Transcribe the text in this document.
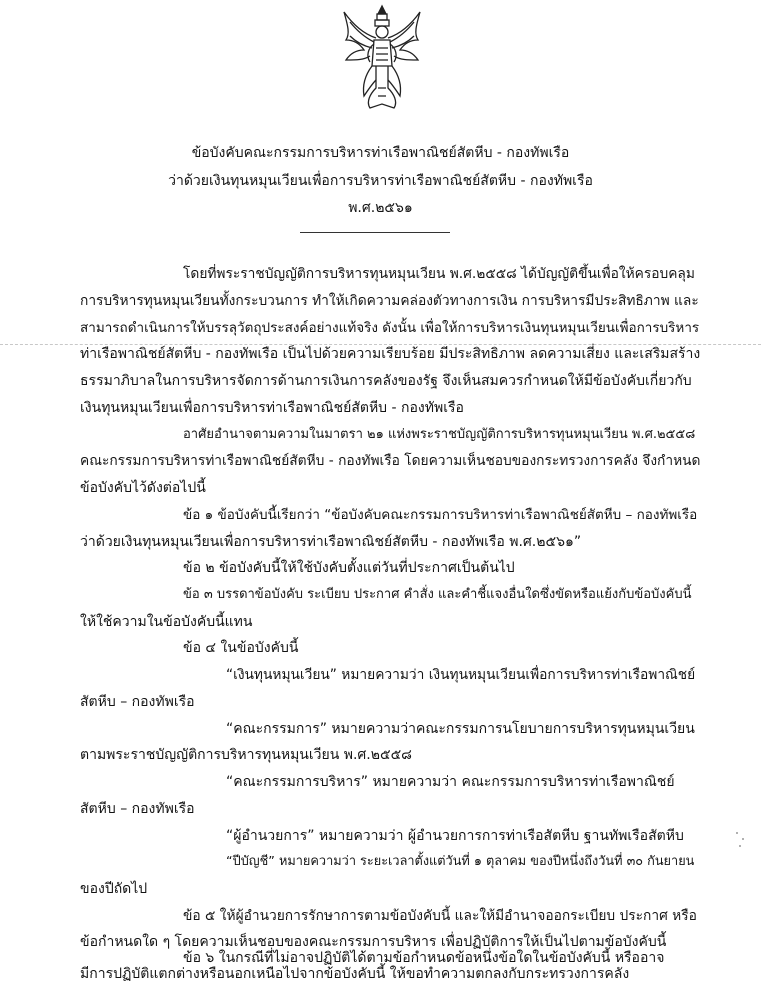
ข้อบังคับคณะกรรมการบริหารท่าเรือพาณิชย์สัตหีบ - กองทัพเรือ
ว่าด้วยเงินทุนหมุนเวียนเพื่อการบริหารท่าเรือพาณิชย์สัตหีบ - กองทัพเรือ
พ.ศ.๒๕๖๑
โดยที่พระราชบัญญัติการบริหารทุนหมุนเวียน พ.ศ.๒๕๕๘ ได้บัญญัติขึ้นเพื่อให้ครอบคลุม
การบริหารทุนหมุนเวียนทั้งกระบวนการ ทำให้เกิดความคล่องตัวทางการเงิน การบริหารมีประสิทธิภาพ และ
สามารถดำเนินการให้บรรลุวัตถุประสงค์อย่างแท้จริง ดังนั้น เพื่อให้การบริหารเงินทุนหมุนเวียนเพื่อการบริหาร
ท่าเรือพาณิชย์สัตหีบ - กองทัพเรือ เป็นไปด้วยความเรียบร้อย มีประสิทธิภาพ ลดความเสี่ยง และเสริมสร้าง
ธรรมาภิบาลในการบริหารจัดการด้านการเงินการคลังของรัฐ จึงเห็นสมควรกำหนดให้มีข้อบังคับเกี่ยวกับ
เงินทุนหมุนเวียนเพื่อการบริหารท่าเรือพาณิชย์สัตหีบ - กองทัพเรือ
อาศัยอำนาจตามความในมาตรา ๒๑ แห่งพระราชบัญญัติการบริหารทุนหมุนเวียน พ.ศ.๒๕๕๘
คณะกรรมการบริหารท่าเรือพาณิชย์สัตหีบ - กองทัพเรือ โดยความเห็นชอบของกระทรวงการคลัง จึงกำหนด
ข้อบังคับไว้ดังต่อไปนี้
ข้อ ๑ ข้อบังคับนี้เรียกว่า “ข้อบังคับคณะกรรมการบริหารท่าเรือพาณิชย์สัตหีบ – กองทัพเรือ
ว่าด้วยเงินทุนหมุนเวียนเพื่อการบริหารท่าเรือพาณิชย์สัตหีบ - กองทัพเรือ พ.ศ.๒๕๖๑”
ข้อ ๒ ข้อบังคับนี้ให้ใช้บังคับตั้งแต่วันที่ประกาศเป็นต้นไป
ข้อ ๓ บรรดาข้อบังคับ ระเบียบ ประกาศ คำสั่ง และคำชี้แจงอื่นใดซึ่งขัดหรือแย้งกับข้อบังคับนี้
ให้ใช้ความในข้อบังคับนี้แทน
ข้อ ๔ ในข้อบังคับนี้
“เงินทุนหมุนเวียน” หมายความว่า เงินทุนหมุนเวียนเพื่อการบริหารท่าเรือพาณิชย์
สัตหีบ – กองทัพเรือ
“คณะกรรมการ” หมายความว่าคณะกรรมการนโยบายการบริหารทุนหมุนเวียน
ตามพระราชบัญญัติการบริหารทุนหมุนเวียน พ.ศ.๒๕๕๘
“คณะกรรมการบริหาร” หมายความว่า คณะกรรมการบริหารท่าเรือพาณิชย์
สัตหีบ – กองทัพเรือ
“ผู้อำนวยการ” หมายความว่า ผู้อำนวยการการท่าเรือสัตหีบ ฐานทัพเรือสัตหีบ
“ปีบัญชี” หมายความว่า ระยะเวลาตั้งแต่วันที่ ๑ ตุลาคม ของปีหนึ่งถึงวันที่ ๓๐ กันยายน
ของปีถัดไป
ข้อ ๕ ให้ผู้อำนวยการรักษาการตามข้อบังคับนี้ และให้มีอำนาจออกระเบียบ ประกาศ หรือ
ข้อกำหนดใด ๆ โดยความเห็นชอบของคณะกรรมการบริหาร เพื่อปฏิบัติการให้เป็นไปตามข้อบังคับนี้
ข้อ ๖ ในกรณีที่ไม่อาจปฏิบัติได้ตามข้อกำหนดข้อหนึ่งข้อใดในข้อบังคับนี้ หรืออาจ
มีการปฏิบัติแตกต่างหรือนอกเหนือไปจากข้อบังคับนี้ ให้ขอทำความตกลงกับกระทรวงการคลัง
